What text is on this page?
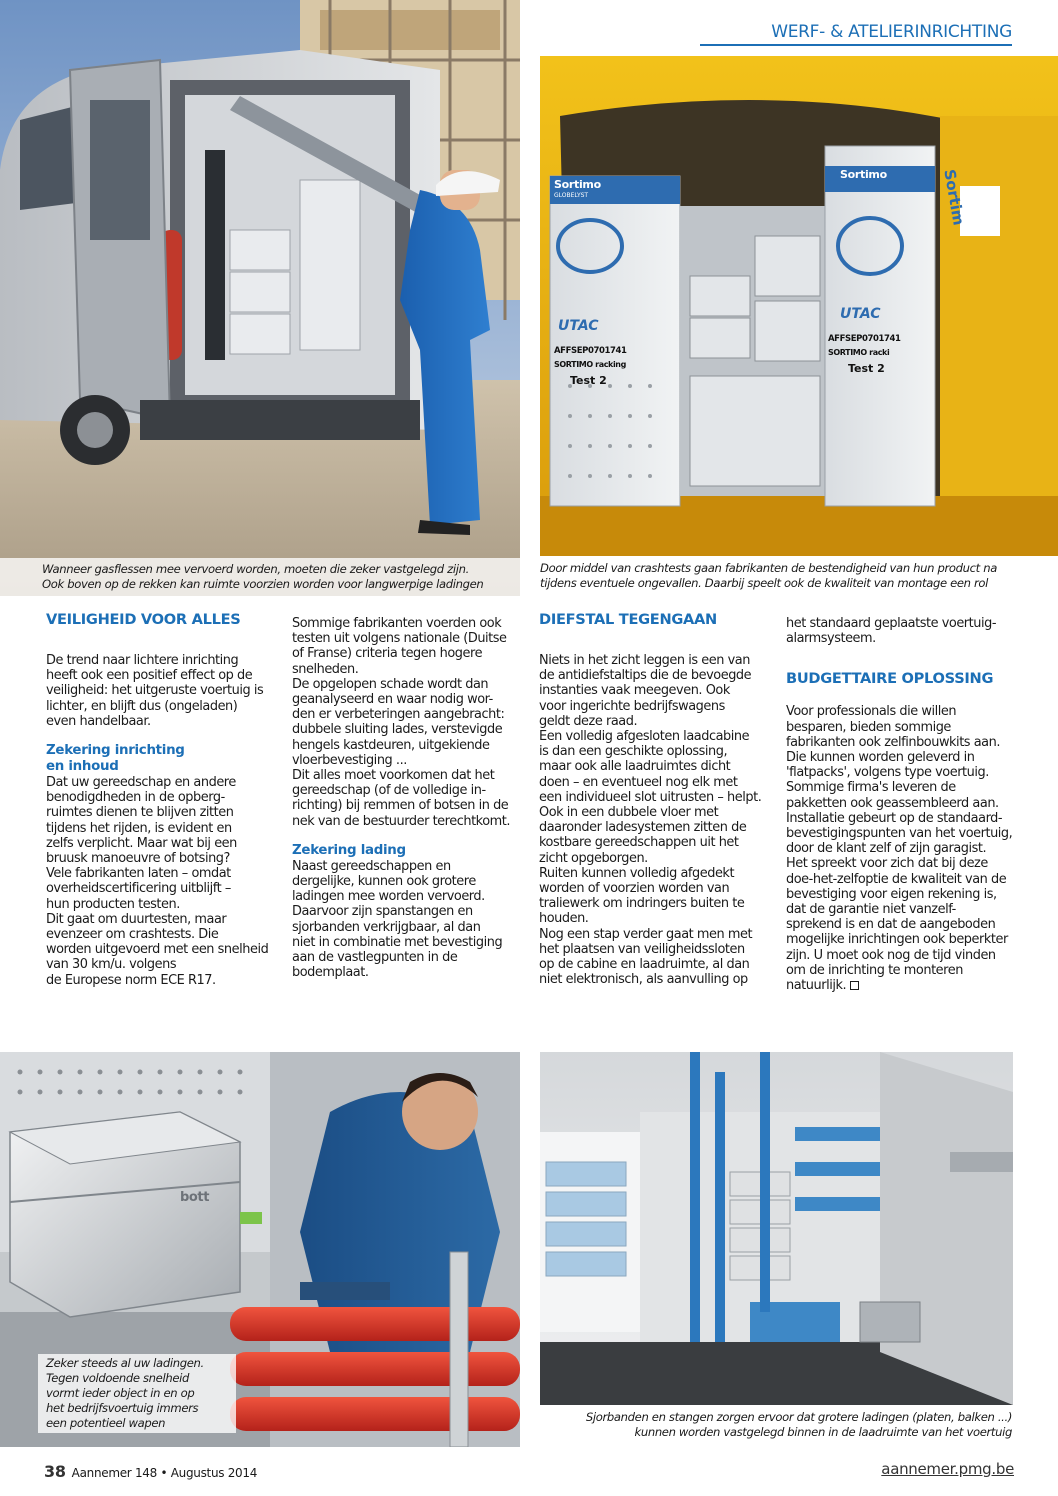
WERF- & ATELIERINRICHTING
Wanneer gasflessen mee vervoerd worden, moeten die zeker vastgelegd zijn.
Ook boven op de rekken kan ruimte voorzien worden voor langwerpige ladingen
Sortimo
GLOBELYST
UTAC
AFFSEP0701741
SORTIMO racking
Test 2
Sortimo
UTAC
AFFSEP0701741
SORTIMO racki
Test 2
Sortim
Door middel van crashtests gaan fabrikanten de bestendigheid van hun product na
tijdens eventuele ongevallen. Daarbij speelt ook de kwaliteit van montage een rol
VEILIGHEID VOOR ALLES

De trend naar lichtere inrichting
heeft ook een positief effect op de
veiligheid: het uitgeruste voertuig is
lichter, en blijft dus (ongeladen)
even handelbaar.

Zekering inrichting
en inhoud

Dat uw gereedschap en andere
benodigdheden in de opberg-
ruimtes dienen te blijven zitten
tijdens het rijden, is evident en
zelfs verplicht. Maar wat bij een
bruusk manoeuvre of botsing?
Vele fabrikanten laten – omdat
overheidscertificering uitblijft –
hun producten testen.
Dit gaat om duurtesten, maar
evenzeer om crashtests. Die
worden uitgevoerd met een snelheid
van 30 km/u. volgens
de Europese norm ECE R17.

Sommige fabrikanten voerden ook
testen uit volgens nationale (Duitse
of Franse) criteria tegen hogere
snelheden.
De opgelopen schade wordt dan
geanalyseerd en waar nodig wor-
den er verbeteringen aangebracht:
dubbele sluiting lades, verstevigde
hengels kastdeuren, uitgekiende
vloerbevestiging ...
Dit alles moet voorkomen dat het
gereedschap (of de volledige in-
richting) bij remmen of botsen in de
nek van de bestuurder terechtkomt.

Zekering lading

Naast gereedschappen en
dergelijke, kunnen ook grotere
ladingen mee worden vervoerd.
Daarvoor zijn spanstangen en
sjorbanden verkrijgbaar, al dan
niet in combinatie met bevestiging
aan de vastlegpunten in de
bodemplaat.

DIEFSTAL TEGENGAAN

Niets in het zicht leggen is een van
de antidiefstaltips die de bevoegde
instanties vaak meegeven. Ook
voor ingerichte bedrijfswagens
geldt deze raad.
Een volledig afgesloten laadcabine
is dan een geschikte oplossing,
maar ook alle laadruimtes dicht
doen – en eventueel nog elk met
een individueel slot uitrusten – helpt.
Ook in een dubbele vloer met
daaronder ladesystemen zitten de
kostbare gereedschappen uit het
zicht opgeborgen.
Ruiten kunnen volledig afgedekt
worden of voorzien worden van
traliewerk om indringers buiten te
houden.
Nog een stap verder gaat men met
het plaatsen van veiligheidssloten
op de cabine en laadruimte, al dan
niet elektronisch, als aanvulling op

het standaard geplaatste voertuig-
alarmsysteem.

BUDGETTAIRE OPLOSSING

Voor professionals die willen
besparen, bieden sommige
fabrikanten ook zelfinbouwkits aan.
Die kunnen worden geleverd in
'flatpacks', volgens type voertuig.
Sommige firma's leveren de
pakketten ook geassembleerd aan.
Installatie gebeurt op de standaard-
bevestigingspunten van het voertuig,
door de klant zelf of zijn garagist.
Het spreekt voor zich dat bij deze
doe-het-zelfoptie de kwaliteit van de
bevestiging voor eigen rekening is,
dat de garantie niet vanzelf-
sprekend is en dat de aangeboden
mogelijke inrichtingen ook beperkter
zijn. U moet ook nog de tijd vinden
om de inrichting te monteren
natuurlijk.

bott
Zeker steeds al uw ladingen.
Tegen voldoende snelheid
vormt ieder object in en op
het bedrijfsvoertuig immers
een potentieel wapen	Sjorbanden en stangen zorgen ervoor dat grotere ladingen (platen, balken ...)
kunnen worden vastgelegd binnen in de laadruimte van het voertuig
38 Aannemer 148 • Augustus 2014	aannemer.pmg.be
